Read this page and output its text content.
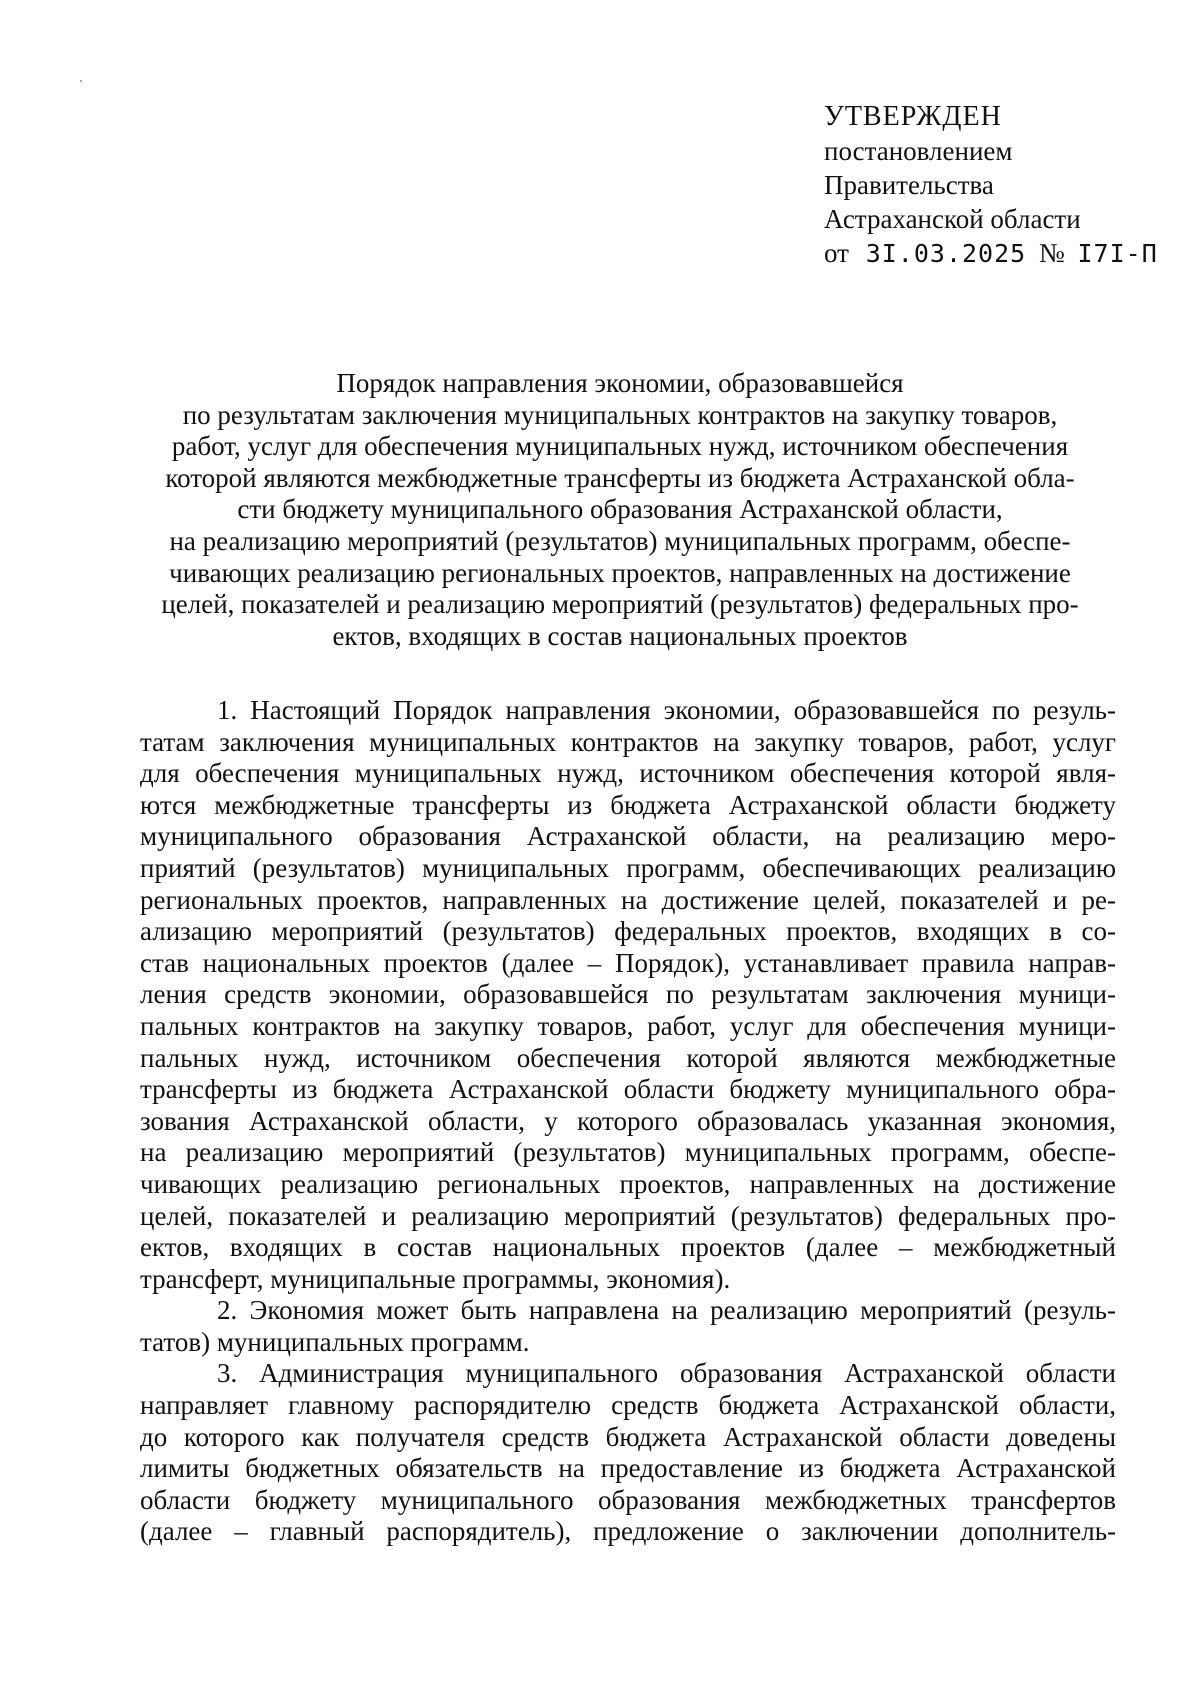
УТВЕРЖДЕН
постановлением
Правительства
Астраханской области
от 3I.03.2025 № I7I-П
Порядок направления экономии, образовавшейся
по результатам заключения муниципальных контрактов на закупку товаров,
работ, услуг для обеспечения муниципальных нужд, источником обеспечения
которой являются межбюджетные трансферты из бюджета Астраханской обла-
сти бюджету муниципального образования Астраханской области,
на реализацию мероприятий (результатов) муниципальных программ, обеспе-
чивающих реализацию региональных проектов, направленных на достижение
целей, показателей и реализацию мероприятий (результатов) федеральных про-
ектов, входящих в состав национальных проектов
1. Настоящий Порядок направления экономии, образовавшейся по резуль-
татам заключения муниципальных контрактов на закупку товаров, работ, услуг
для обеспечения муниципальных нужд, источником обеспечения которой явля-
ются межбюджетные трансферты из бюджета Астраханской области бюджету
муниципального образования Астраханской области, на реализацию меро-
приятий (результатов) муниципальных программ, обеспечивающих реализацию
региональных проектов, направленных на достижение целей, показателей и ре-
ализацию мероприятий (результатов) федеральных проектов, входящих в со-
став национальных проектов (далее – Порядок), устанавливает правила направ-
ления средств экономии, образовавшейся по результатам заключения муници-
пальных контрактов на закупку товаров, работ, услуг для обеспечения муници-
пальных нужд, источником обеспечения которой являются межбюджетные
трансферты из бюджета Астраханской области бюджету муниципального обра-
зования Астраханской области, у которого образовалась указанная экономия,
на реализацию мероприятий (результатов) муниципальных программ, обеспе-
чивающих реализацию региональных проектов, направленных на достижение
целей, показателей и реализацию мероприятий (результатов) федеральных про-
ектов, входящих в состав национальных проектов (далее – межбюджетный
трансферт, муниципальные программы, экономия).
2. Экономия может быть направлена на реализацию мероприятий (резуль-
татов) муниципальных программ.
3. Администрация муниципального образования Астраханской области
направляет главному распорядителю средств бюджета Астраханской области,
до которого как получателя средств бюджета Астраханской области доведены
лимиты бюджетных обязательств на предоставление из бюджета Астраханской
области бюджету муниципального образования межбюджетных трансфертов
(далее – главный распорядитель), предложение о заключении дополнитель-
